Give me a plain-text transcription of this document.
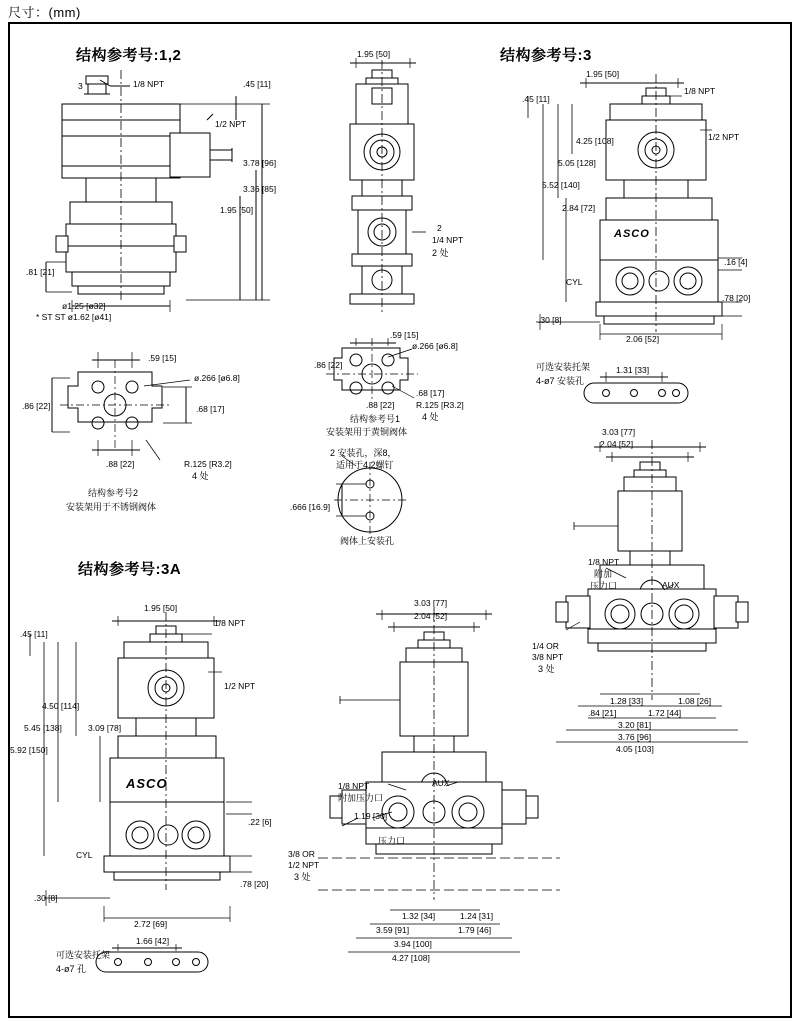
尺寸：(mm)
结构参考号:1,2	结构参考号:3
结构参考号:3A
3	1/8 NPT	.45 [11]
1/2 NPT
3.78 [96]
3.36 [85]
1.95 [50]
.81 [21]
ø1.25 [ø32]
* ST ST ø1.62 [ø41]
1.95 [50]
2
1/4 NPT
2 处
.59 [15]
ø.266 [ø6.8]
.86 [22]	.68 [17]
.88 [22]	R.125 [R3.2]
4 处
结构参考号2
安装架用于不锈钢阀体
.59 [15]
ø.266 [ø6.8]
.86 [22]
.68 [17]
.88 [22]	R.125 [R3.2]
4 处
结构参考号1
安装架用于黄铜阀体
2 安装孔，深8，
适用于4.2螺钉
.666 [16.9]
阀体上安装孔
ASCO
1.95 [50]
.45 [11]
1/8 NPT
1/2 NPT
4.25 [108]
5.05 [128]
5.52 [140]
2.84 [72]
.16 [4]
.78 [20]
CYL
.30 [8]
2.06 [52]
可选安装托架
4-ø7 安装孔
1.31 [33]
3.03 [77]
2.04 [52]
1/8 NPT
附加
压力口	AUX
1/4 OR
3/8 NPT
3 处
1.28 [33]	1.08 [26]
.84 [21]	1.72 [44]
3.20 [81]
3.76 [96]
4.05 [103]
ASCO
1.95 [50]
1/8 NPT
.45 [11]
1/2 NPT
4.50 [114]
5.45 [138]	3.09 [78]
5.92 [150]
.22 [6]
CYL
.78 [20]
.30 [8]
2.72 [69]
1.66 [42]
可选安装托架
4-ø7 孔
3.03 [77]
2.04 [52]
1/8 NPT
附加压力口
AUX
压力口
3/8 OR
1/2 NPT
3 处
1.19 [30]
1.32 [34]	1.24 [31]
3.59 [91]	1.79 [46]
3.94 [100]
4.27 [108]
